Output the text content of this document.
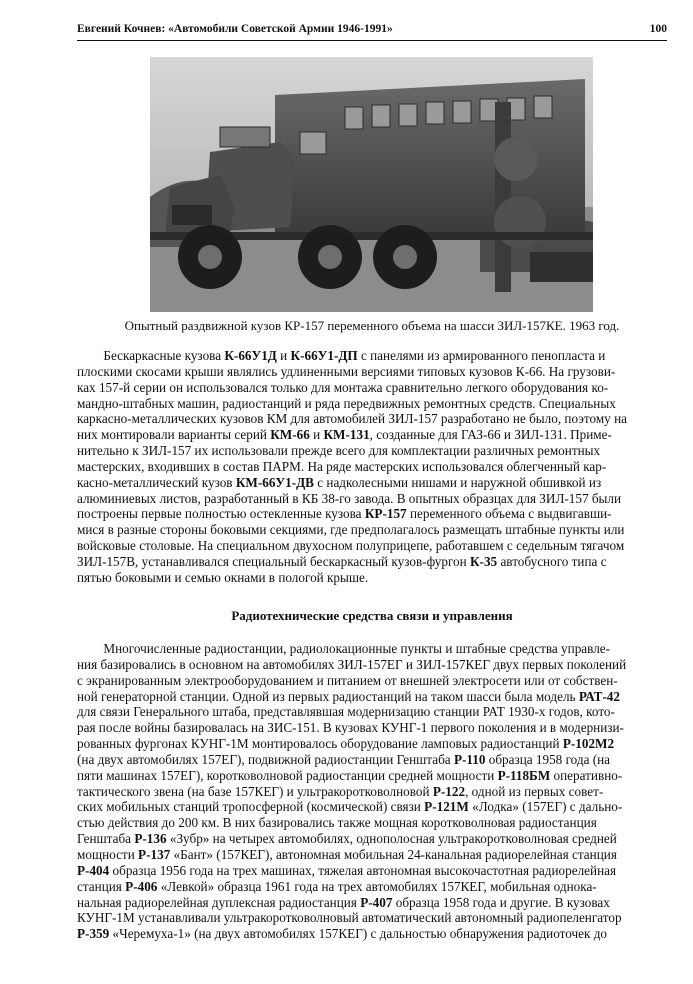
Евгений Кочнев: «Автомобили Советской Армии 1946-1991»	100
Опытный раздвижной кузов КР-157 переменного объема на шасси ЗИЛ-157КЕ. 1963 год.
Бескаркасные кузова К-66У1Д и К-66У1-ДП с панелями из армированного пенопласта и
плоскими скосами крыши являлись удлиненными версиями типовых кузовов К-66. На грузови-
ках 157-й серии он использовался только для монтажа сравнительно легкого оборудования ко-
мандно-штабных машин, радиостанций и ряда передвижных ремонтных средств. Специальных
каркасно-металлических кузовов КМ для автомобилей ЗИЛ-157 разработано не было, поэтому на
них монтировали варианты серий КМ-66 и КМ-131, созданные для ГАЗ-66 и ЗИЛ-131. Приме-
нительно к ЗИЛ-157 их использовали прежде всего для комплектации различных ремонтных
мастерских, входивших в состав ПАРМ. На ряде мастерских использовался облегченный кар-
касно-металлический кузов КМ-66У1-ДВ с надколесными нишами и наружной обшивкой из
алюминиевых листов, разработанный в КБ 38-го завода. В опытных образцах для ЗИЛ-157 были
построены первые полностью остекленные кузова КР-157 переменного объема с выдвигавши-
мися в разные стороны боковыми секциями, где предполагалось размещать штабные пункты или
войсковые столовые. На специальном двухосном полуприцепе, работавшем с седельным тягачом
ЗИЛ-157В, устанавливался специальный бескаркасный кузов-фургон К-35 автобусного типа с
пятью боковыми и семью окнами в пологой крыше.
Радиотехнические средства связи и управления
Многочисленные радиостанции, радиолокационные пункты и штабные средства управле-
ния базировались в основном на автомобилях ЗИЛ-157ЕГ и ЗИЛ-157КЕГ двух первых поколений
с экранированным электрооборудованием и питанием от внешней электросети или от собствен-
ной генераторной станции. Одной из первых радиостанций на таком шасси была модель РАТ-42
для связи Генерального штаба, представлявшая модернизацию станции РАТ 1930-х годов, кото-
рая после войны базировалась на ЗИС-151. В кузовах КУНГ-1 первого поколения и в модернизи-
рованных фургонах КУНГ-1М монтировалось оборудование ламповых радиостанций Р-102М2
(на двух автомобилях 157ЕГ), подвижной радиостанции Генштаба Р-110 образца 1958 года (на
пяти машинах 157ЕГ), коротковолновой радиостанции средней мощности Р-118БМ оперативно-
тактического звена (на базе 157КЕГ) и ультракоротковолновой Р-122, одной из первых совет-
ских мобильных станций тропосферной (космической) связи Р-121М «Лодка» (157ЕГ) с дально-
стью действия до 200 км. В них базировались также мощная коротковолновая радиостанция
Генштаба Р-136 «Зубр» на четырех автомобилях, однополосная ультракоротковолновая средней
мощности Р-137 «Бант» (157КЕГ), автономная мобильная 24-канальная радиорелейная станция
Р-404 образца 1956 года на трех машинах, тяжелая автономная высокочастотная радиорелейная
станция Р-406 «Левкой» образца 1961 года на трех автомобилях 157КЕГ, мобильная однока-
нальная радиорелейная дуплексная радиостанция Р-407 образца 1958 года и другие. В кузовах
КУНГ-1М устанавливали ультракоротковолновый автоматический автономный радиопеленгатор
Р-359 «Черемуха-1» (на двух автомобилях 157КЕГ) с дальностью обнаружения радиоточек до
